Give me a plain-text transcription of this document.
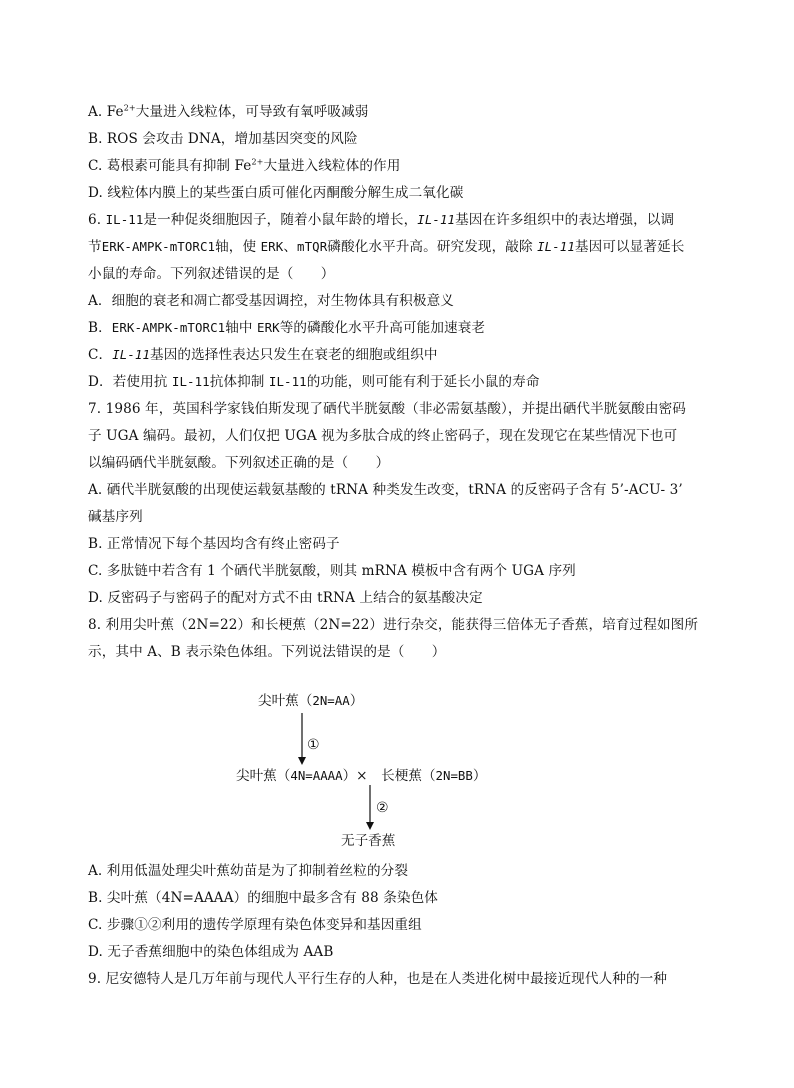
A. $Fe^{2+}$大量进入线粒体，可导致有氧呼吸减弱
B. ROS 会攻击 DNA，增加基因突变的风险
C. 葛根素可能具有抑制 $Fe^{2+}$大量进入线粒体的作用
D. 线粒体内膜上的某些蛋白质可催化丙酮酸分解生成二氧化碳
6. IL-11是一种促炎细胞因子，随着小鼠年龄的增长，IL-11基因在许多组织中的表达增强，以调
节ERK-AMPK-mTORC1轴，使 ERK、mTQR磷酸化水平升高。研究发现，敲除 IL-11基因可以显著延长
小鼠的寿命。下列叙述错误的是（　　）
A．细胞的衰老和凋亡都受基因调控，对生物体具有积极意义
B．ERK-AMPK-mTORC1轴中 ERK等的磷酸化水平升高可能加速衰老
C．IL-11基因的选择性表达只发生在衰老的细胞或组织中
D．若使用抗 IL-11抗体抑制 IL-11的功能，则可能有利于延长小鼠的寿命
7. 1986 年，英国科学家钱伯斯发现了硒代半胱氨酸（非必需氨基酸），并提出硒代半胱氨酸由密码
子 UGA 编码。最初，人们仅把 UGA 视为多肽合成的终止密码子，现在发现它在某些情况下也可
以编码硒代半胱氨酸。下列叙述正确的是（　　）
A. 硒代半胱氨酸的出现使运载氨基酸的 tRNA 种类发生改变，tRNA 的反密码子含有 5’-ACU- 3’
碱基序列
B. 正常情况下每个基因均含有终止密码子
C. 多肽链中若含有 1 个硒代半胱氨酸，则其 mRNA 模板中含有两个 UGA 序列
D. 反密码子与密码子的配对方式不由 tRNA 上结合的氨基酸决定
8. 利用尖叶蕉（2N=22）和长梗蕉（2N=22）进行杂交，能获得三倍体无子香蕉，培育过程如图所
示，其中 A、B 表示染色体组。下列说法错误的是（　　）
尖叶蕉（2N=AA）
①
尖叶蕉（4N=AAAA）×　长梗蕉（2N=BB）
②
无子香蕉
A. 利用低温处理尖叶蕉幼苗是为了抑制着丝粒的分裂
B. 尖叶蕉（4N=AAAA）的细胞中最多含有 88 条染色体
C. 步骤①②利用的遗传学原理有染色体变异和基因重组
D. 无子香蕉细胞中的染色体组成为 AAB
9. 尼安德特人是几万年前与现代人平行生存的人种，也是在人类进化树中最接近现代人种的一种
